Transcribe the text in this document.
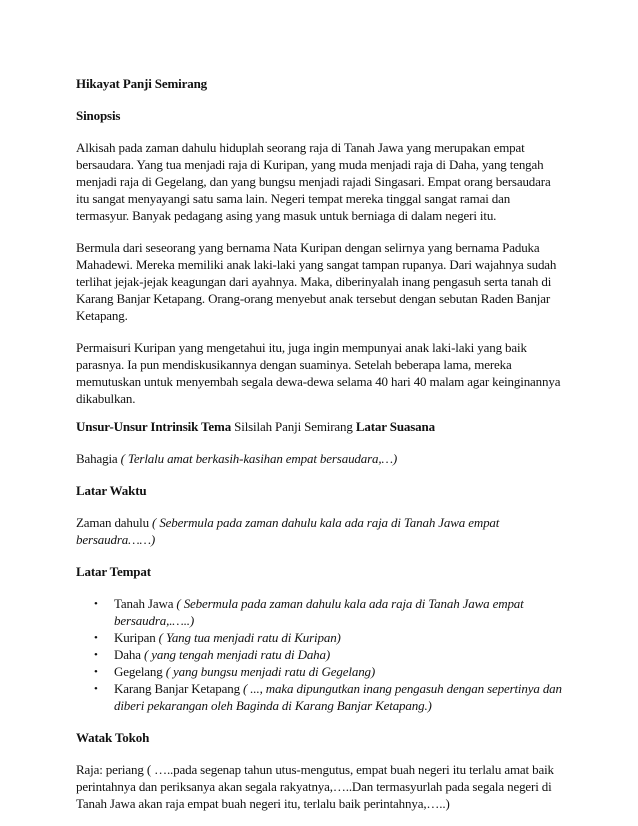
Hikayat Panji Semirang

Sinopsis

Alkisah pada zaman dahulu hiduplah seorang raja di Tanah Jawa yang merupakan empat bersaudara. Yang tua menjadi raja di Kuripan, yang muda menjadi raja di Daha, yang tengah menjadi raja di Gegelang, dan yang bungsu menjadi rajadi Singasari. Empat orang bersaudara itu sangat menyayangi satu sama lain. Negeri tempat mereka tinggal sangat ramai dan termasyur. Banyak pedagang asing yang masuk untuk berniaga di dalam negeri itu.

Bermula dari seseorang yang bernama Nata Kuripan dengan selirnya yang bernama Paduka Mahadewi. Mereka memiliki anak laki-laki yang sangat tampan rupanya. Dari wajahnya sudah terlihat jejak-jejak keagungan dari ayahnya. Maka, diberinyalah inang pengasuh serta tanah di Karang Banjar Ketapang. Orang-orang menyebut anak tersebut dengan sebutan Raden Banjar Ketapang.

Permaisuri Kuripan yang mengetahui itu, juga ingin mempunyai anak laki-laki yang baik parasnya. Ia pun mendiskusikannya dengan suaminya. Setelah beberapa lama, mereka memutuskan untuk menyembah segala dewa-dewa selama 40 hari 40 malam agar keinginannya dikabulkan.

Unsur-Unsur Intrinsik Tema Silsilah Panji Semirang Latar Suasana

Bahagia ( Terlalu amat berkasih-kasihan empat bersaudara,…)

Latar Waktu

Zaman dahulu ( Sebermula pada zaman dahulu kala ada raja di Tanah Jawa empat bersaudra……)

Latar Tempat

• Tanah Jawa ( Sebermula pada zaman dahulu kala ada raja di Tanah Jawa empat bersaudra,.…..)
• Kuripan ( Yang tua menjadi ratu di Kuripan)
• Daha ( yang tengah menjadi ratu di Daha)
• Gegelang ( yang bungsu menjadi ratu di Gegelang)
• Karang Banjar Ketapang ( ..., maka dipungutkan inang pengasuh dengan sepertinya dan diberi pekarangan oleh Baginda di Karang Banjar Ketapang.)

Watak Tokoh

Raja: periang ( …..pada segenap tahun utus-mengutus, empat buah negeri itu terlalu amat baik perintahnya dan periksanya akan segala rakyatnya,…..Dan termasyurlah pada segala negeri di Tanah Jawa akan raja empat buah negeri itu, terlalu baik perintahnya,…..)
